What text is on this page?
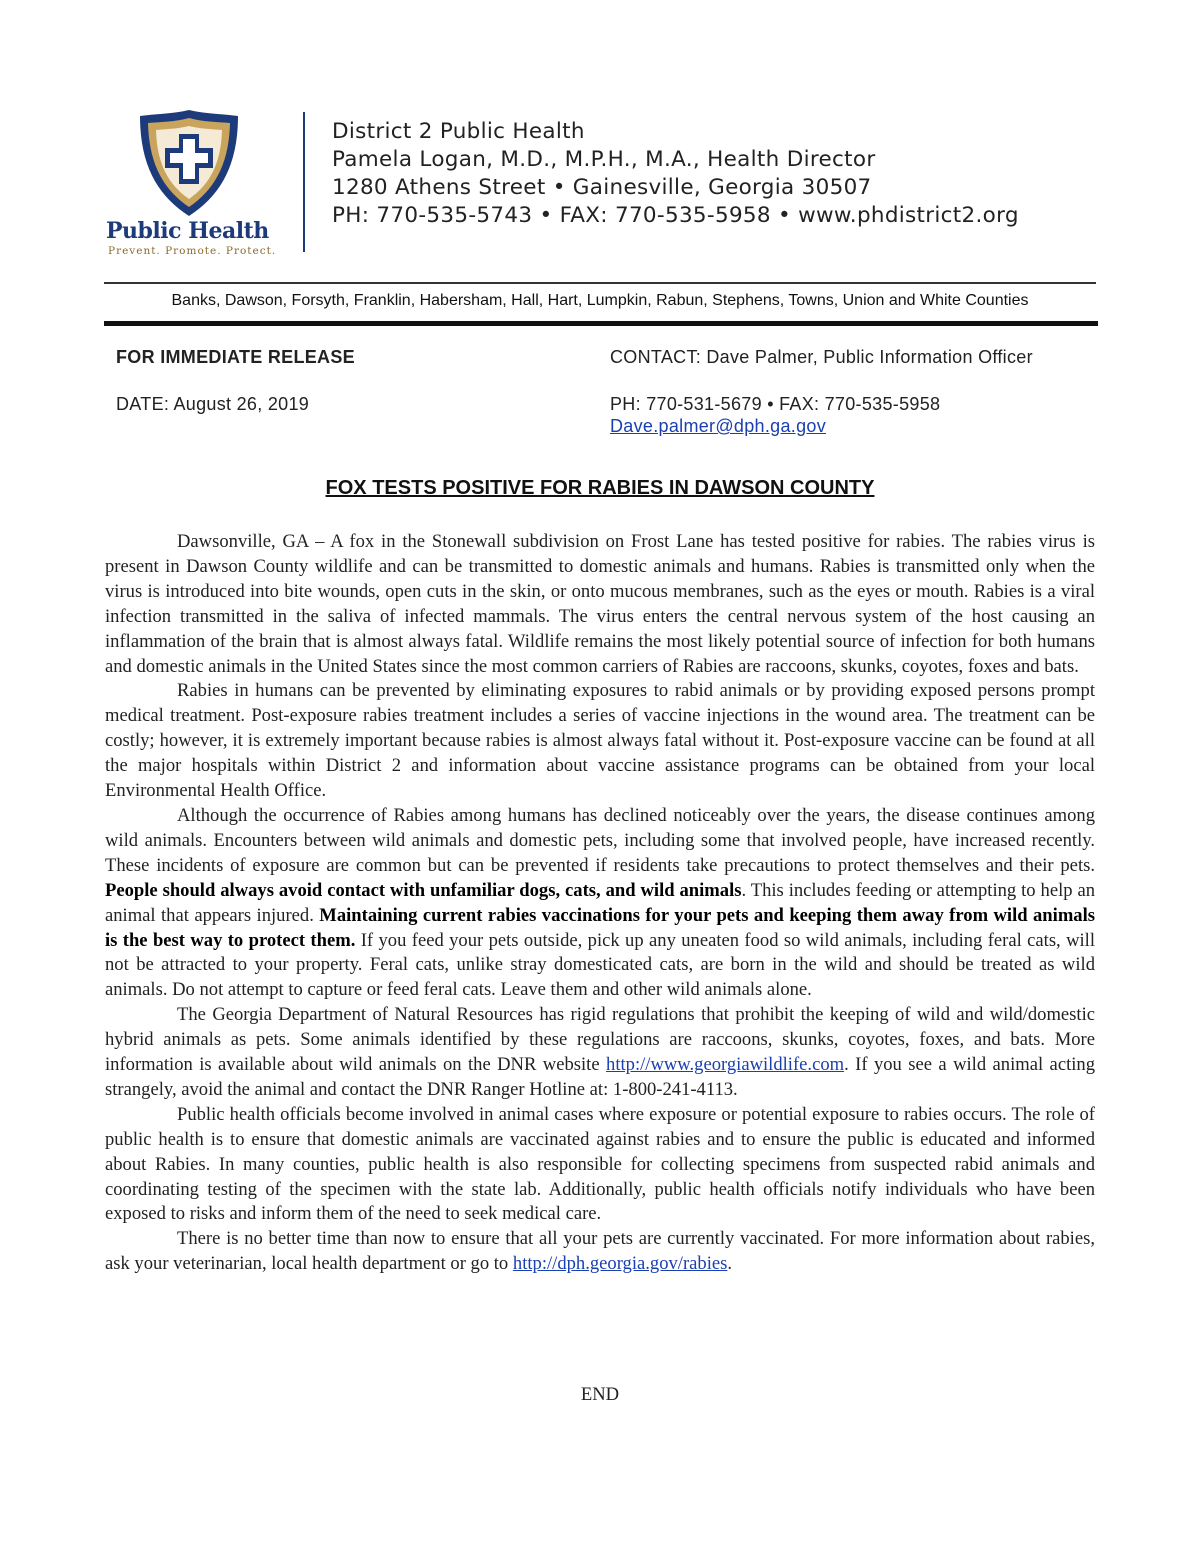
Public Health
Prevent. Promote. Protect.
District 2 Public Health
Pamela Logan, M.D., M.P.H., M.A., Health Director
1280 Athens Street • Gainesville, Georgia 30507
PH: 770-535-5743 • FAX: 770-535-5958 • www.phdistrict2.org
Banks, Dawson, Forsyth, Franklin, Habersham, Hall, Hart, Lumpkin, Rabun, Stephens, Towns, Union and White Counties
FOR IMMEDIATE RELEASE	CONTACT: Dave Palmer, Public Information Officer
DATE: August 26, 2019	PH: 770-531-5679 • FAX: 770-535-5958
Dave.palmer@dph.ga.gov
FOX TESTS POSITIVE FOR RABIES IN DAWSON COUNTY

Dawsonville, GA – A fox in the Stonewall subdivision on Frost Lane has tested positive for rabies. The rabies virus is present in Dawson County wildlife and can be transmitted to domestic animals and humans. Rabies is transmitted only when the virus is introduced into bite wounds, open cuts in the skin, or onto mucous membranes, such as the eyes or mouth. Rabies is a viral infection transmitted in the saliva of infected mammals. The virus enters the central nervous system of the host causing an inflammation of the brain that is almost always fatal. Wildlife remains the most likely potential source of infection for both humans and domestic animals in the United States since the most common carriers of Rabies are raccoons, skunks, coyotes, foxes and bats.

Rabies in humans can be prevented by eliminating exposures to rabid animals or by providing exposed persons prompt medical treatment. Post-exposure rabies treatment includes a series of vaccine injections in the wound area. The treatment can be costly; however, it is extremely important because rabies is almost always fatal without it. Post-exposure vaccine can be found at all the major hospitals within District 2 and information about vaccine assistance programs can be obtained from your local Environmental Health Office.

Although the occurrence of Rabies among humans has declined noticeably over the years, the disease continues among wild animals. Encounters between wild animals and domestic pets, including some that involved people, have increased recently. These incidents of exposure are common but can be prevented if residents take precautions to protect themselves and their pets. People should always avoid contact with unfamiliar dogs, cats, and wild animals. This includes feeding or attempting to help an animal that appears injured. Maintaining current rabies vaccinations for your pets and keeping them away from wild animals is the best way to protect them. If you feed your pets outside, pick up any uneaten food so wild animals, including feral cats, will not be attracted to your property. Feral cats, unlike stray domesticated cats, are born in the wild and should be treated as wild animals. Do not attempt to capture or feed feral cats. Leave them and other wild animals alone.

The Georgia Department of Natural Resources has rigid regulations that prohibit the keeping of wild and wild/domestic hybrid animals as pets. Some animals identified by these regulations are raccoons, skunks, coyotes, foxes, and bats. More information is available about wild animals on the DNR website http://www.georgiawildlife.com. If you see a wild animal acting strangely, avoid the animal and contact the DNR Ranger Hotline at: 1-800-241-4113.

Public health officials become involved in animal cases where exposure or potential exposure to rabies occurs. The role of public health is to ensure that domestic animals are vaccinated against rabies and to ensure the public is educated and informed about Rabies. In many counties, public health is also responsible for collecting specimens from suspected rabid animals and coordinating testing of the specimen with the state lab. Additionally, public health officials notify individuals who have been exposed to risks and inform them of the need to seek medical care.

There is no better time than now to ensure that all your pets are currently vaccinated. For more information about rabies, ask your veterinarian, local health department or go to http://dph.georgia.gov/rabies.

END
